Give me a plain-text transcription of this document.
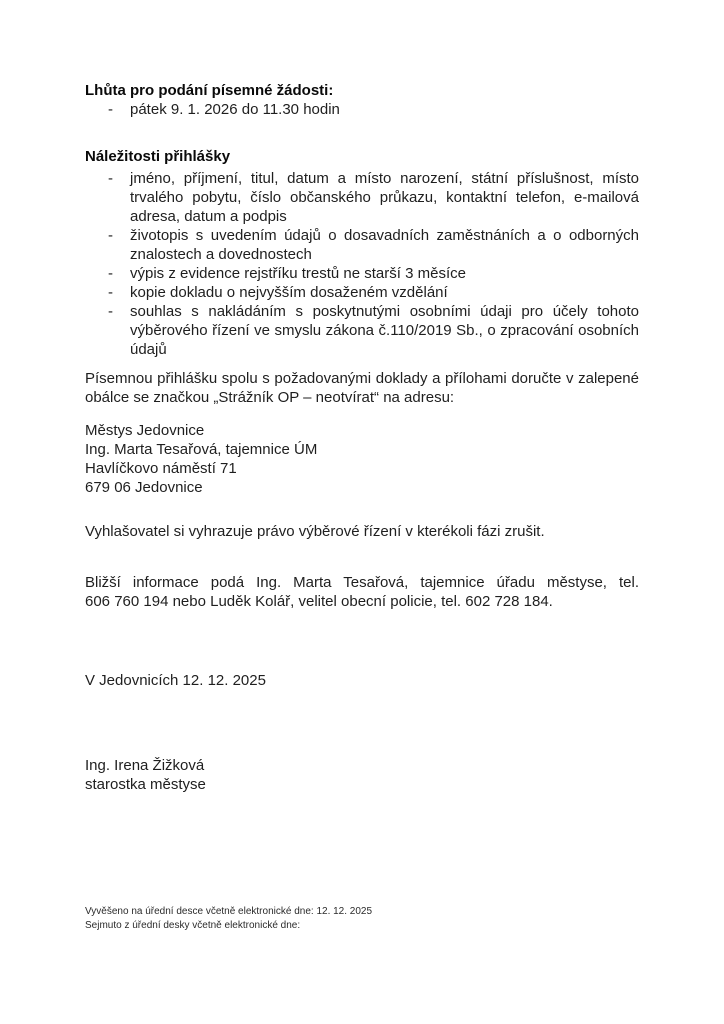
Lhůta pro podání písemné žádosti:
-	pátek 9. 1. 2026 do 11.30 hodin
Náležitosti přihlášky
-	jméno, příjmení, titul, datum a místo narození, státní příslušnost, místo
trvalého pobytu, číslo občanského průkazu, kontaktní telefon, e-mailová
adresa, datum a podpis
-	životopis s uvedením údajů o dosavadních zaměstnáních a o odborných
znalostech a dovednostech
-	výpis z evidence rejstříku trestů ne starší 3 měsíce
-	kopie dokladu o nejvyšším dosaženém vzdělání
-	souhlas s nakládáním s poskytnutými osobními údaji pro účely tohoto
výběrového řízení ve smyslu zákona č.110/2019 Sb., o zpracování osobních
údajů
Písemnou přihlášku spolu s požadovanými doklady a přílohami doručte v zalepené
obálce se značkou „Strážník OP – neotvírat“ na adresu:
Městys Jedovnice
Ing. Marta Tesařová, tajemnice ÚM
Havlíčkovo náměstí 71
679 06 Jedovnice
Vyhlašovatel si vyhrazuje právo výběrové řízení v kterékoli fázi zrušit.
Bližší informace podá Ing. Marta Tesařová, tajemnice úřadu městyse, tel.
606 760 194 nebo Luděk Kolář, velitel obecní policie, tel. 602 728 184.
V Jedovnicích 12. 12. 2025
Ing. Irena Žižková
starostka městyse
Vyvěšeno na úřední desce včetně elektronické dne: 12. 12. 2025
Sejmuto z úřední desky včetně elektronické dne:
